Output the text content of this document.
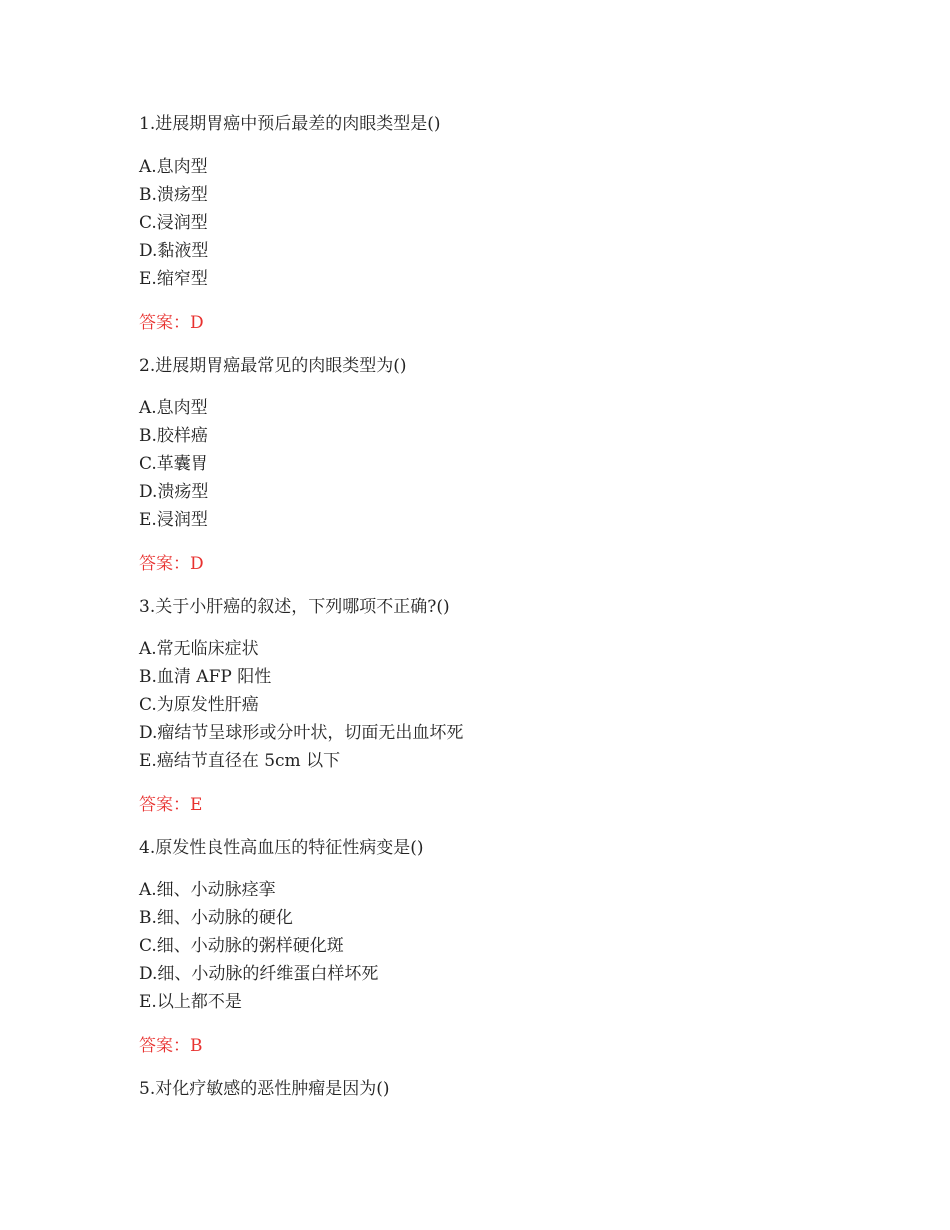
1.进展期胃癌中预后最差的肉眼类型是()
A.息肉型
B.溃疡型
C.浸润型
D.黏液型
E.缩窄型
答案：D
2.进展期胃癌最常见的肉眼类型为()
A.息肉型
B.胶样癌
C.革囊胃
D.溃疡型
E.浸润型
答案：D
3.关于小肝癌的叙述，下列哪项不正确?()
A.常无临床症状
B.血清 AFP 阳性
C.为原发性肝癌
D.瘤结节呈球形或分叶状，切面无出血坏死
E.癌结节直径在 5cm 以下
答案：E
4.原发性良性高血压的特征性病变是()
A.细、小动脉痉挛
B.细、小动脉的硬化
C.细、小动脉的粥样硬化斑
D.细、小动脉的纤维蛋白样坏死
E.以上都不是
答案：B
5.对化疗敏感的恶性肿瘤是因为()
